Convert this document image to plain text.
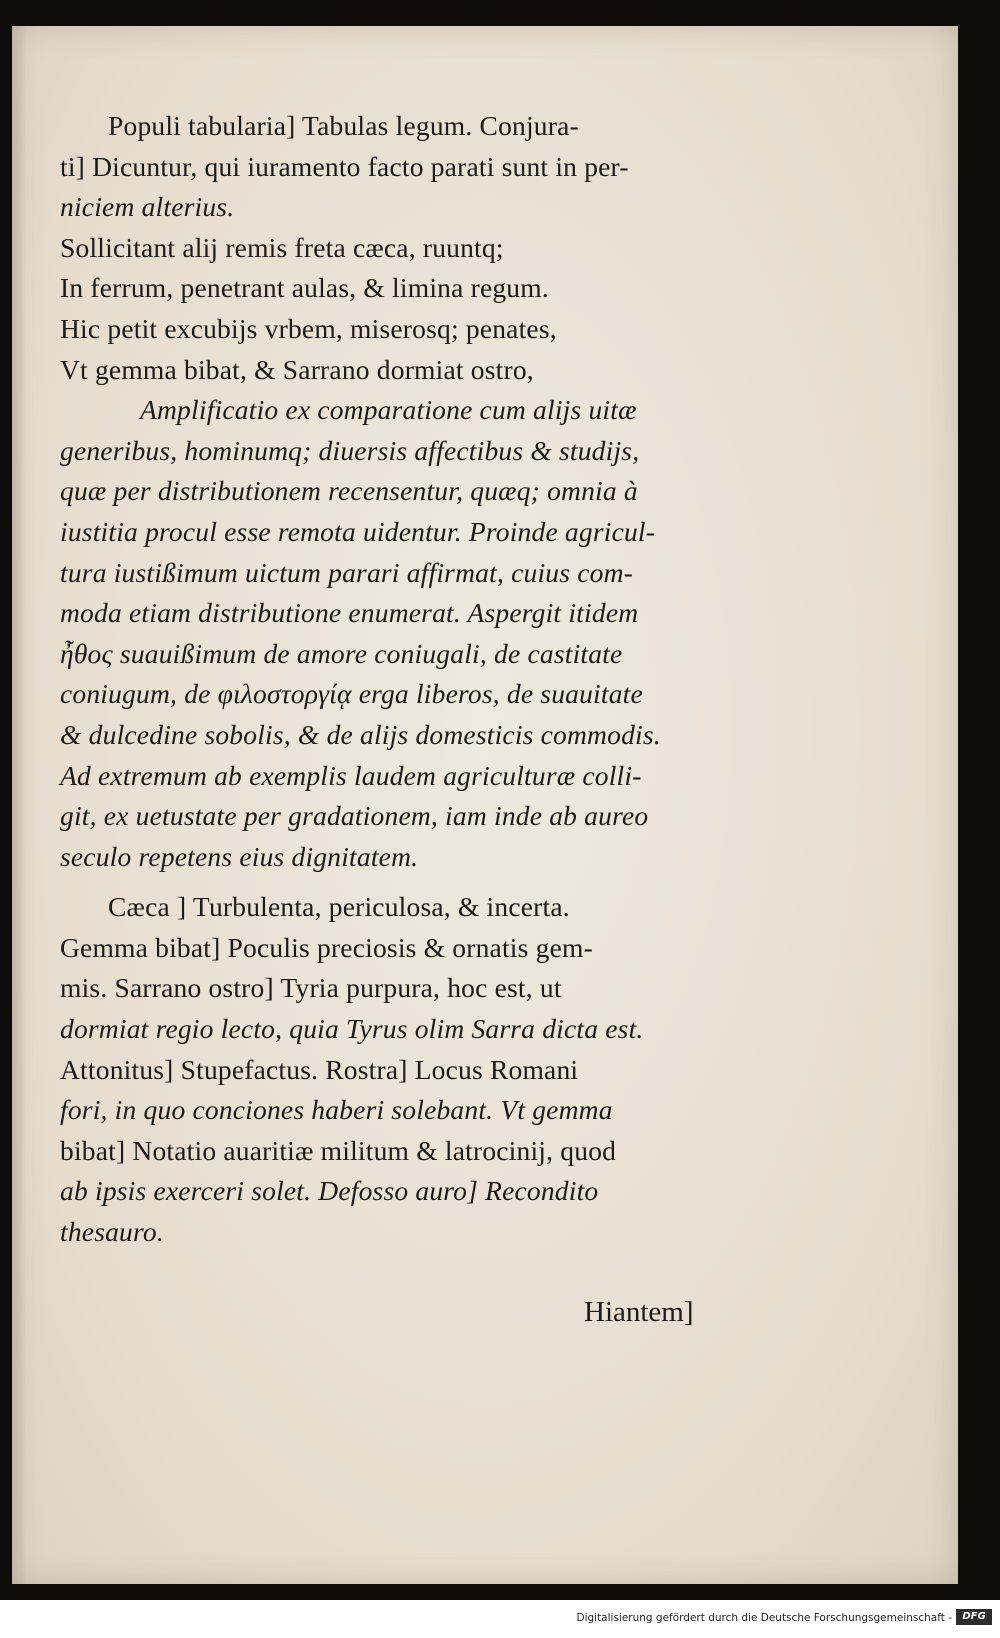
Populi tabularia] Tabulas legum. Conjura-
ti] Dicuntur, qui iuramento facto parati sunt in per-
niciem alterius.
Sollicitant alij remis freta cæca, ruuntq;
In ferrum, penetrant aulas, & limina regum.
Hic petit excubijs vrbem, miserosq; penates,
Vt gemma bibat, & Sarrano dormiat ostro,
Amplificatio ex comparatione cum alijs uitæ
generibus, hominumq; diuersis affectibus & studijs,
quæ per distributionem recensentur, quæq; omnia à
iustitia procul esse remota uidentur. Proinde agricul-
tura iustißimum uictum parari affirmat, cuius com-
moda etiam distributione enumerat. Aspergit itidem
ἦθος suauißimum de amore coniugali, de castitate
coniugum, de φιλοστοργίᾳ erga liberos, de suauitate
& dulcedine sobolis, & de alijs domesticis commodis.
Ad extremum ab exemplis laudem agriculturæ colli-
git, ex uetustate per gradationem, iam inde ab aureo
seculo repetens eius dignitatem.
Cæca ] Turbulenta, periculosa, & incerta.
Gemma bibat] Poculis preciosis & ornatis gem-
mis. Sarrano ostro] Tyria purpura, hoc est, ut
dormiat regio lecto, quia Tyrus olim Sarra dicta est.
Attonitus] Stupefactus. Rostra] Locus Romani
fori, in quo conciones haberi solebant. Vt gemma
bibat] Notatio auaritiæ militum & latrocinij, quod
ab ipsis exerceri solet. Defosso auro] Recondito
thesauro.
Hiantem]
Digitalisierung gefördert durch die Deutsche Forschungsgemeinschaft -	DFG
